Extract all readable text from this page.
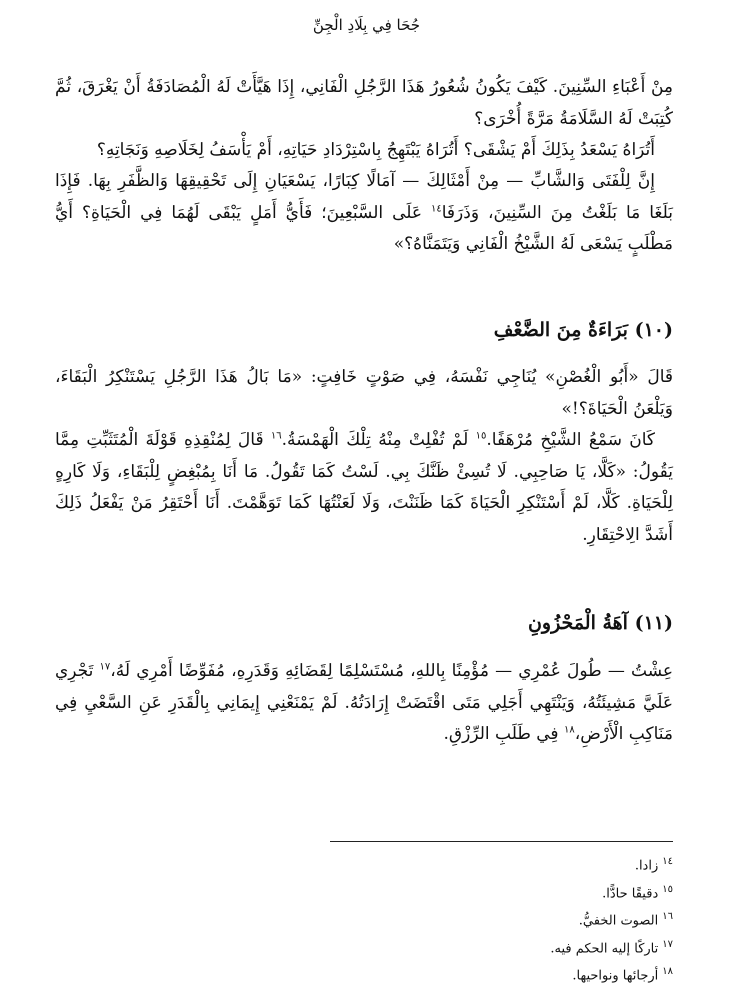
جُحَا فِي بِلَادِ الْجِنِّ

مِنْ أَعْبَاءِ السِّنِينَ. كَيْفَ يَكُونُ شُعُورُ هَذَا الرَّجُلِ الْفَانِي، إِذَا هَيَّأَتْ لَهُ الْمُصَادَفَةُ أَنْ يَغْرَقَ، ثُمَّ كُتِبَتْ لَهُ السَّلَامَةُ مَرَّةً أُخْرَى؟

أَتُرَاهُ يَسْعَدُ بِذَلِكَ أَمْ يَشْقَى؟ أَتُرَاهُ يَبْتَهِجُ بِاسْتِرْدَادِ حَيَاتِهِ، أَمْ يَأْسَفُ لِخَلَاصِهِ وَنَجَاتِهِ؟

إِنَّ لِلْفَتَى وَالشَّابِّ — مِنْ أَمْثَالِكَ — آمَالًا كِبَارًا، يَسْعَيَانِ إِلَى تَحْقِيقِهَا وَالظَّفَرِ بِهَا. فَإِذَا بَلَغَا مَا بَلَغْتُ مِنَ السِّنِينَ، وَذَرَفَا$^{١٤}$ عَلَى السَّبْعِينَ؛ فَأَيُّ أَمَلٍ يَبْقَى لَهُمَا فِي الْحَيَاةِ؟ أَيُّ مَطْلَبٍ يَسْعَى لَهُ الشَّيْخُ الْفَانِي وَيَتَمَنَّاهُ؟»

(١٠) بَرَاءَةٌ مِنَ الضَّعْفِ

قَالَ «أَبُو الْغُصْنِ» يُنَاجِي نَفْسَهُ، فِي صَوْتٍ خَافِتٍ: «مَا بَالُ هَذَا الرَّجُلِ يَسْتَنْكِرُ الْبَقَاءَ، وَيَلْعَنُ الْحَيَاةَ؟!»

كَانَ سَمْعُ الشَّيْخِ مُرْهَفًا.$^{١٥}$ لَمْ تُفْلِتْ مِنْهُ تِلْكَ الْهَمْسَةُ.$^{١٦}$ قَالَ لِمُنْقِذِهِ قَوْلَةَ الْمُتَثَبِّتِ مِمَّا يَقُولُ: «كَلَّا، يَا صَاحِبِي. لَا تُسِئْ ظَنَّكَ بِي. لَسْتُ كَمَا تَقُولُ. مَا أَنَا بِمُبْغِضٍ لِلْبَقَاءِ، وَلَا كَارِهٍ لِلْحَيَاةِ. كَلَّا، لَمْ أَسْتَنْكِرِ الْحَيَاةَ كَمَا ظَنَنْتَ، وَلَا لَعَنْتُهَا كَمَا تَوَهَّمْتَ. أَنَا أَحْتَقِرُ مَنْ يَفْعَلُ ذَلِكَ أَشَدَّ الِاحْتِقَارِ.

(١١) آهَةُ الْمَحْزُونِ

عِشْتُ — طُولَ عُمْرِي — مُؤْمِنًا بِاللهِ، مُسْتَسْلِمًا لِقَضَائِهِ وَقَدَرِهِ، مُفَوِّضًا أَمْرِي لَهُ،$^{١٧}$ تَجْرِي عَلَيَّ مَشِيئَتُهُ، وَيَنْتَهِي أَجَلِي مَتَى اقْتَضَتْ إِرَادَتُهُ. لَمْ يَمْنَعْنِي إِيمَانِي بِالْقَدَرِ عَنِ السَّعْيِ فِي مَنَاكِبِ الْأَرْضِ،$^{١٨}$ فِي طَلَبِ الرِّزْقِ.

$^{١٤}$زادا.

$^{١٥}$دقيقًا حادًّا.

$^{١٦}$الصوت الخفيُّ.

$^{١٧}$تاركًا إليه الحكم فيه.

$^{١٨}$أرجائها ونواحيها.
